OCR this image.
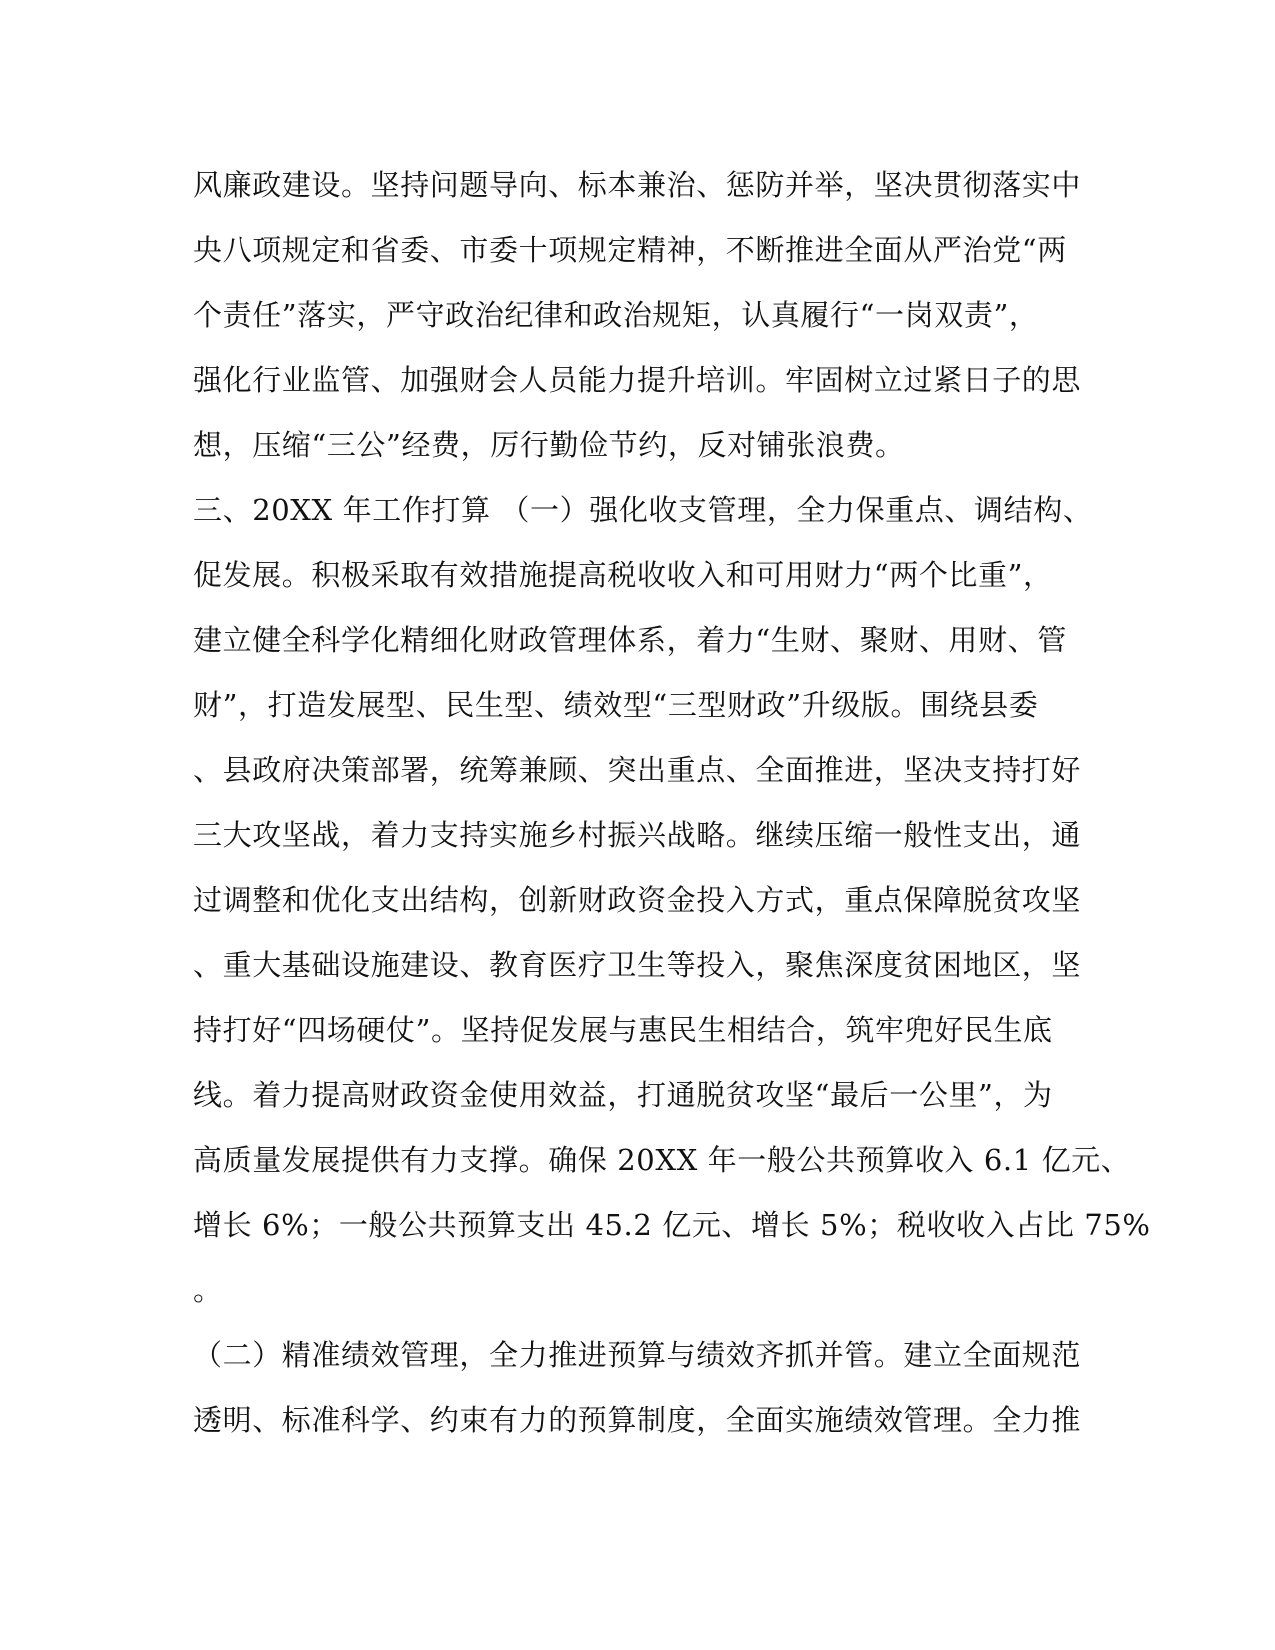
风廉政建设。坚持问题导向、标本兼治、惩防并举，坚决贯彻落实中
央八项规定和省委、市委十项规定精神，不断推进全面从严治党“两
个责任”落实，严守政治纪律和政治规矩，认真履行“一岗双责”，
强化行业监管、加强财会人员能力提升培训。牢固树立过紧日子的思
想，压缩“三公”经费，厉行勤俭节约，反对铺张浪费。
三、20XX 年工作打算 （一）强化收支管理，全力保重点、调结构、
促发展。积极采取有效措施提高税收收入和可用财力“两个比重”，
建立健全科学化精细化财政管理体系，着力“生财、聚财、用财、管
财”，打造发展型、民生型、绩效型“三型财政”升级版。围绕县委
、县政府决策部署，统筹兼顾、突出重点、全面推进，坚决支持打好
三大攻坚战，着力支持实施乡村振兴战略。继续压缩一般性支出，通
过调整和优化支出结构，创新财政资金投入方式，重点保障脱贫攻坚
、重大基础设施建设、教育医疗卫生等投入，聚焦深度贫困地区，坚
持打好“四场硬仗”。坚持促发展与惠民生相结合，筑牢兜好民生底
线。着力提高财政资金使用效益，打通脱贫攻坚“最后一公里”，为
高质量发展提供有力支撑。确保 20XX 年一般公共预算收入 6.1 亿元、
增长 6%；一般公共预算支出 45.2 亿元、增长 5%；税收收入占比 75%
。
（二）精准绩效管理，全力推进预算与绩效齐抓并管。建立全面规范
透明、标准科学、约束有力的预算制度，全面实施绩效管理。全力推
